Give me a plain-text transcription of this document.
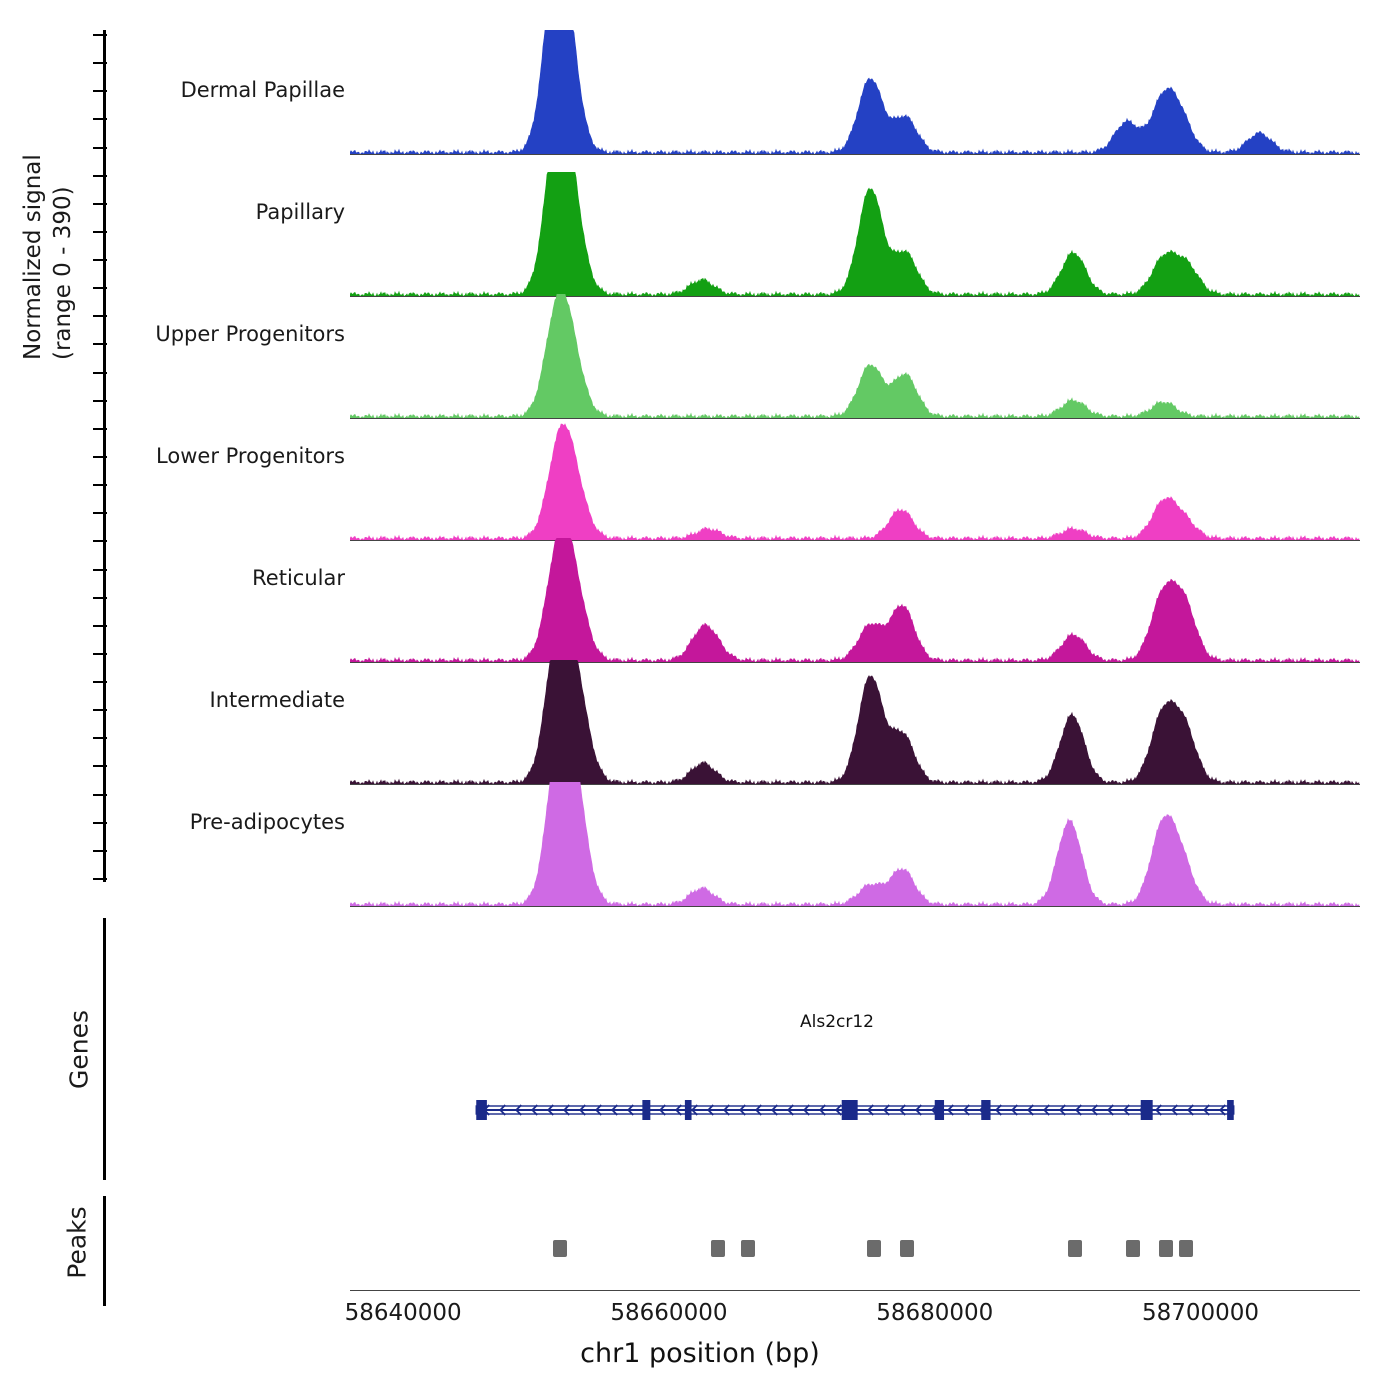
Normalized signal (range 0 - 390)
Dermal Papillae
Papillary
Upper Progenitors
Lower Progenitors
Reticular
Intermediate
Pre-adipocytes
Genes	Als2cr12
Peaks
58640000	58660000	58680000	58700000
chr1 position (bp)
